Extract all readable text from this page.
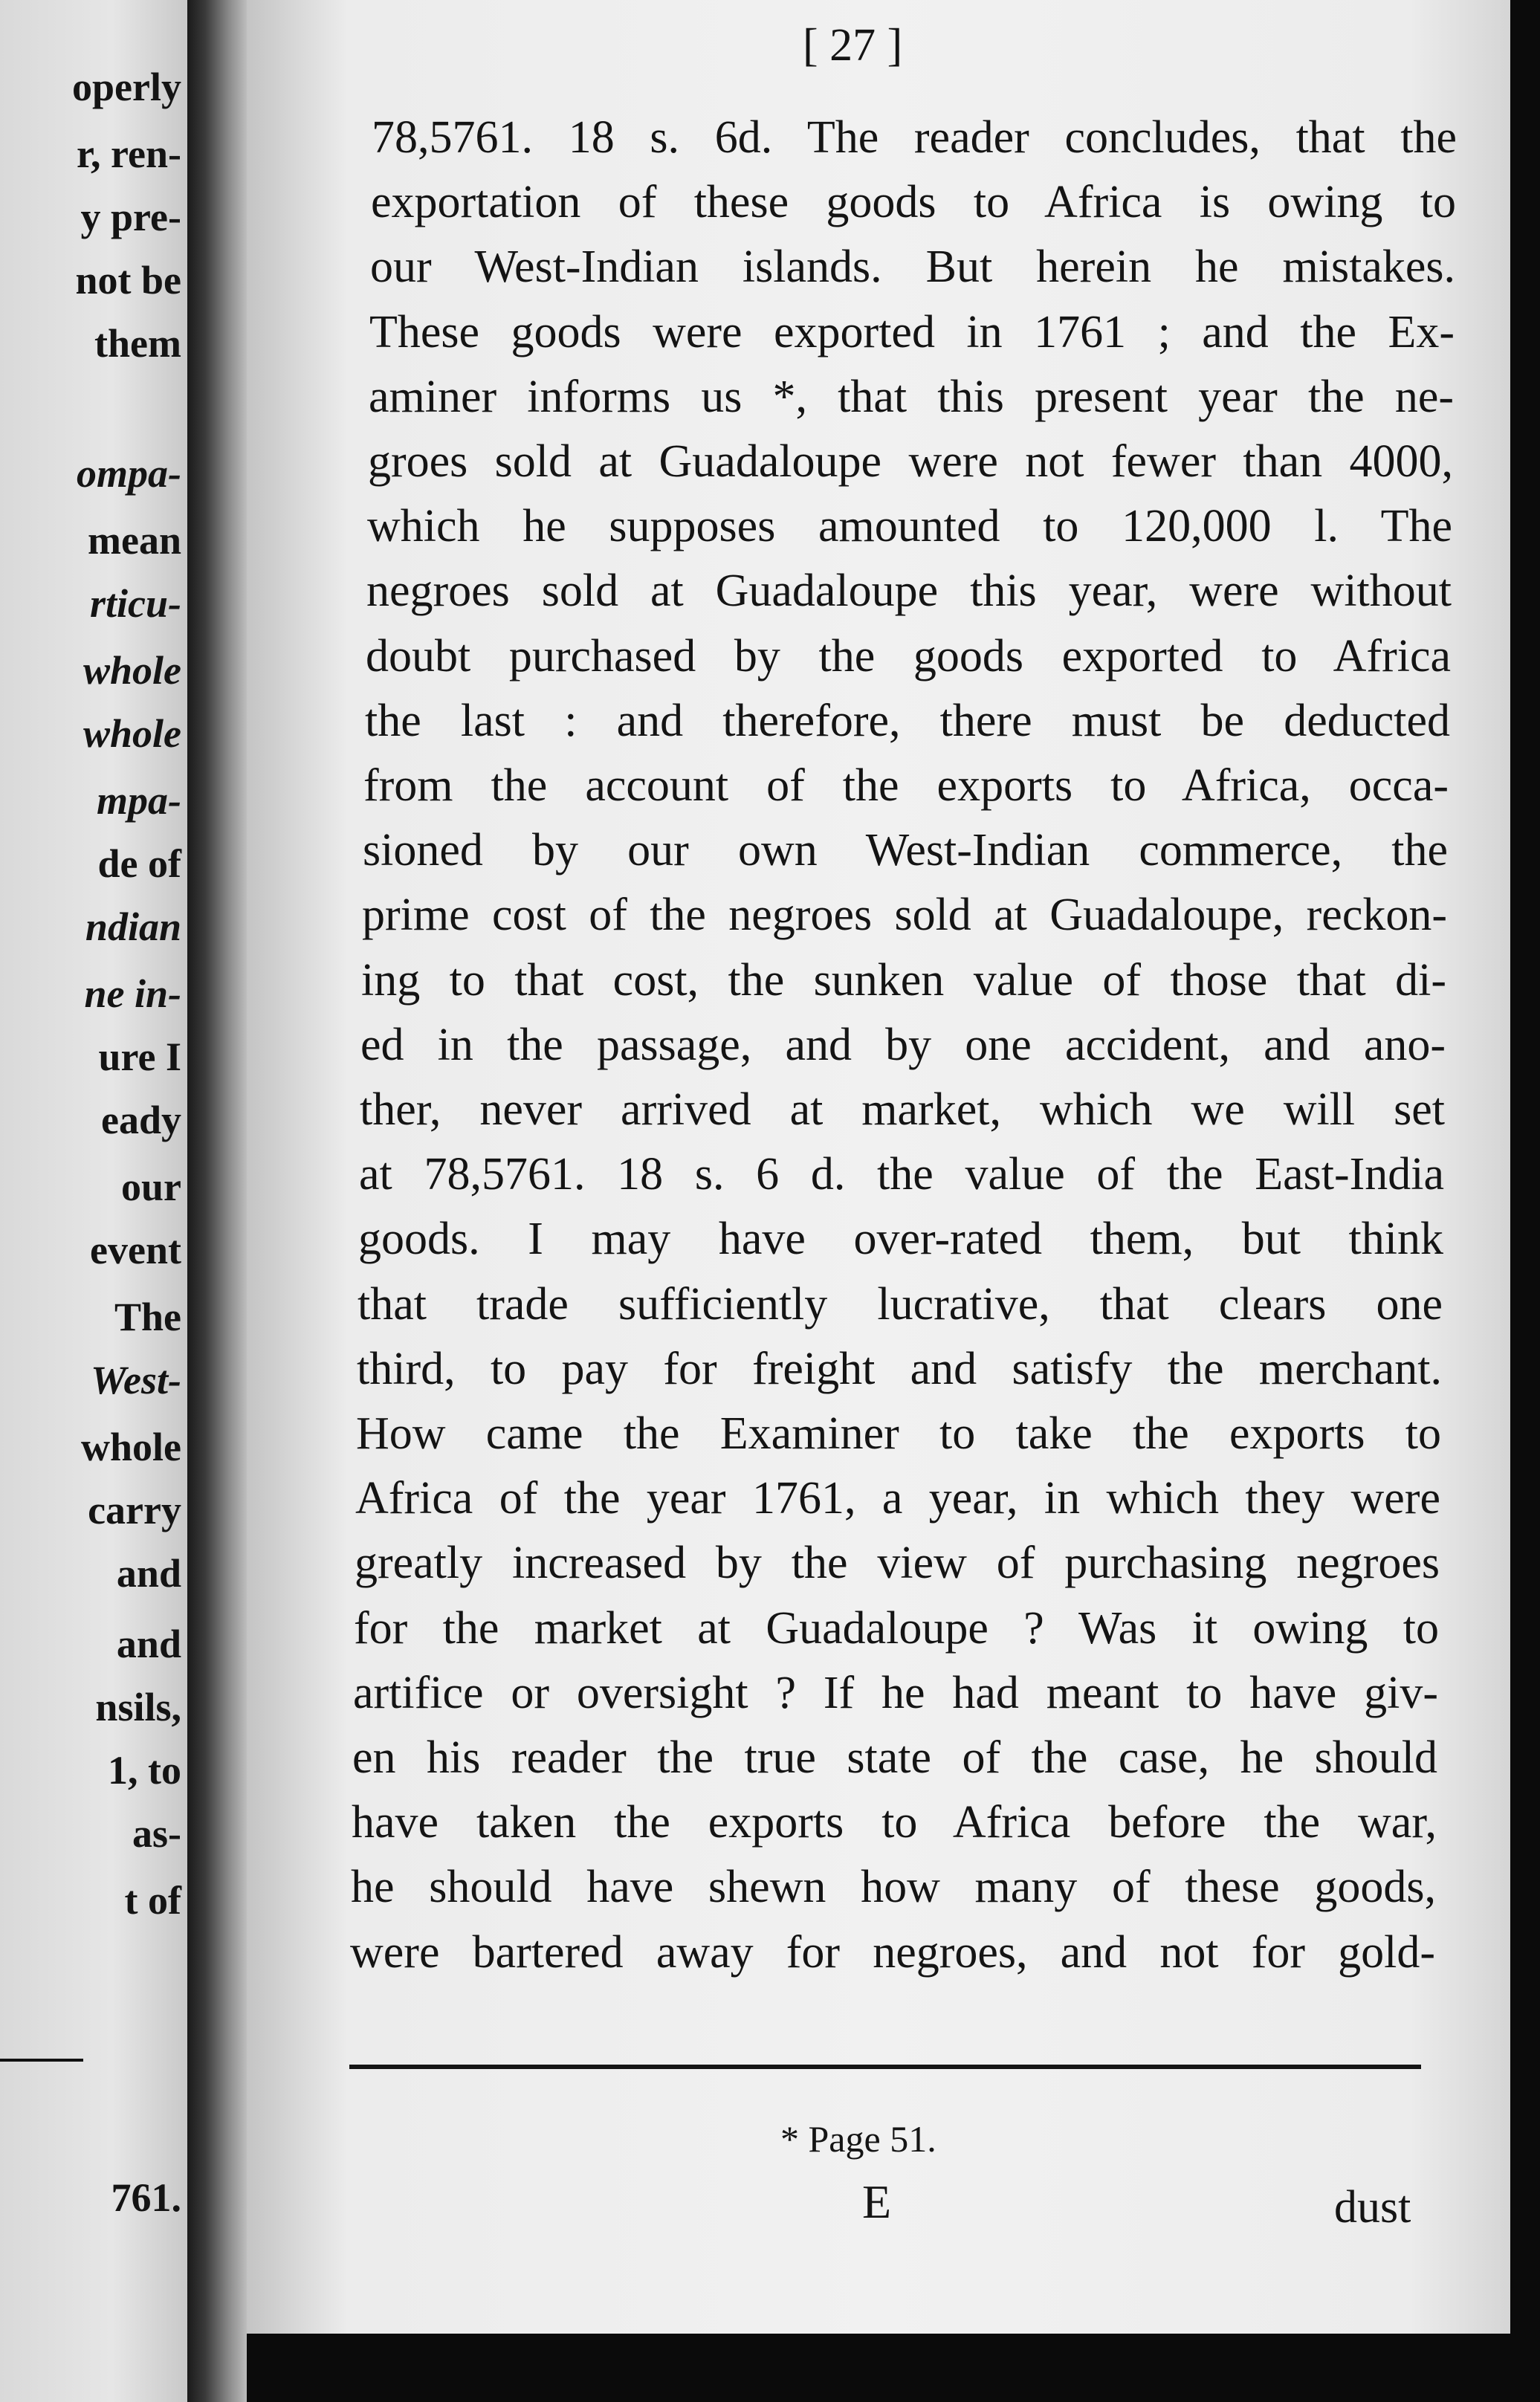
operly
r, ren-
y pre-
not be
them
ompa-
mean
rticu-
whole
whole
mpa-
de of
ndian
ne in-
ure I
eady
our
event
The
West-
whole
carry
and
and
nsils,
1, to
as-
t of
761.
[ 27 ]
78,5761. 18 s. 6d. The reader concludes, that the
exportation of these goods to Africa is owing to
our West-Indian islands. But herein he mistakes.
These goods were exported in 1761 ; and the Ex-
aminer informs us *, that this present year the ne-
groes sold at Guadaloupe were not fewer than 4000,
which he supposes amounted to 120,000 l. The
negroes sold at Guadaloupe this year, were without
doubt purchased by the goods exported to Africa
the last : and therefore, there must be deducted
from the account of the exports to Africa, occa-
sioned by our own West-Indian commerce, the
prime cost of the negroes sold at Guadaloupe, reckon-
ing to that cost, the sunken value of those that di-
ed in the passage, and by one accident, and ano-
ther, never arrived at market, which we will set
at 78,5761. 18 s. 6 d. the value of the East-India
goods. I may have over-rated them, but think
that trade sufficiently lucrative, that clears one
third, to pay for freight and satisfy the merchant.
How came the Examiner to take the exports to
Africa of the year 1761, a year, in which they were
greatly increased by the view of purchasing negroes
for the market at Guadaloupe ? Was it owing to
artifice or oversight ? If he had meant to have giv-
en his reader the true state of the case, he should
have taken the exports to Africa before the war,
he should have shewn how many of these goods,
were bartered away for negroes, and not for gold-
* Page 51.
E	dust
